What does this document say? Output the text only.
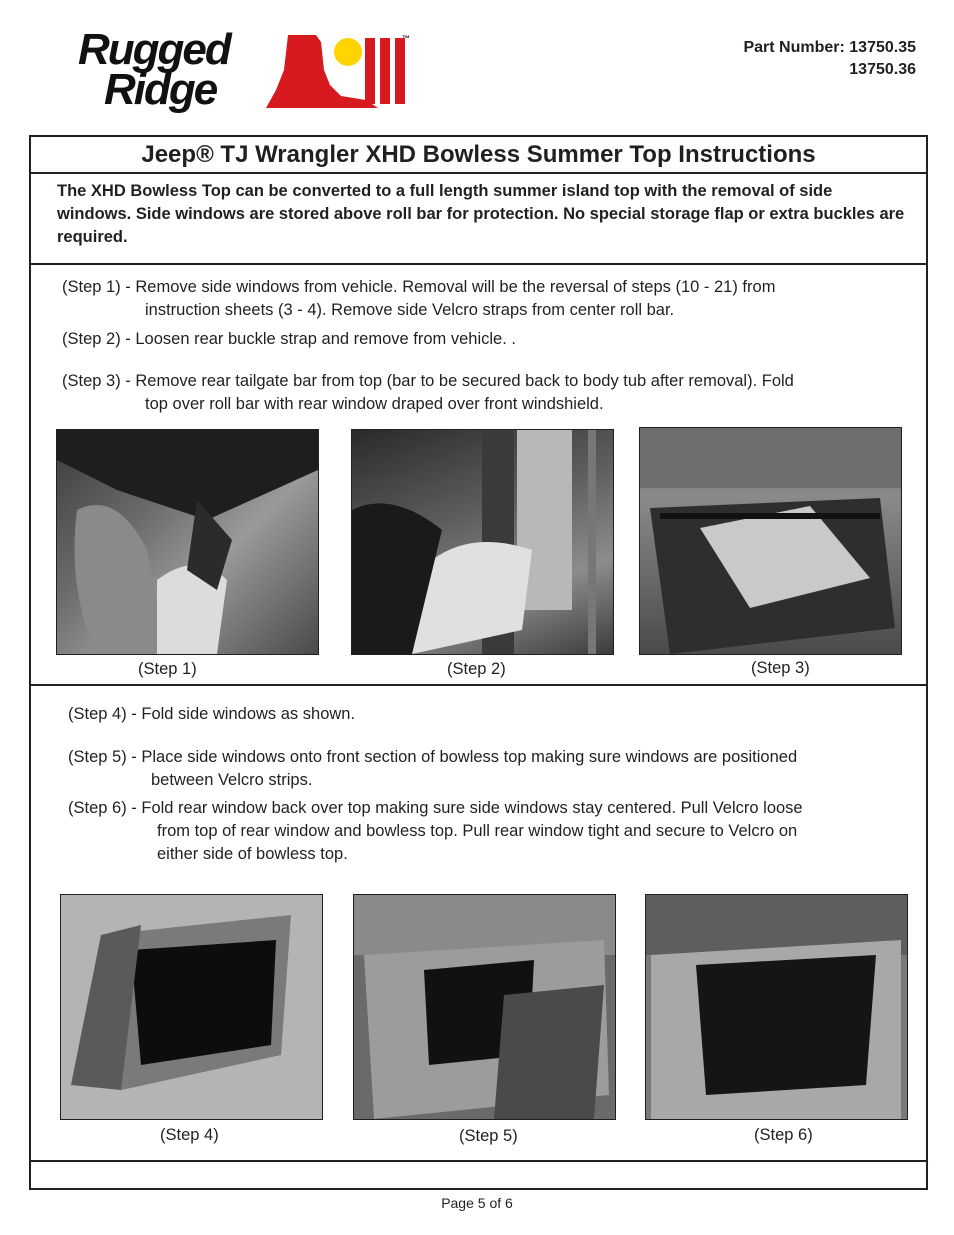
Rugged
Ridge
™
Part Number: 13750.35
13750.36
Jeep® TJ Wrangler XHD Bowless Summer Top Instructions
The XHD Bowless Top can be converted to a full length summer island top with the removal of side windows. Side windows are stored above roll bar for protection. No special storage flap or extra buckles are required.
(Step 1) - Remove side windows from vehicle. Removal will be the reversal of steps (10 - 21) from
instruction sheets (3 - 4). Remove side Velcro straps from center roll bar.
(Step 2) - Loosen rear buckle strap and remove from vehicle. .
(Step 3) - Remove rear tailgate bar from top (bar to be secured back to body tub after removal). Fold
top over roll bar with rear window draped over front windshield.
(Step 1)	(Step 2)	(Step 3)
(Step 4) - Fold side windows as shown.
(Step 5) - Place side windows onto front section of bowless top making sure windows are positioned
between Velcro strips.
(Step 6) - Fold rear window back over top making sure side windows stay centered. Pull Velcro loose
from top of rear window and bowless top. Pull rear window tight and secure to Velcro on
either side of bowless top.
(Step 4)	(Step 5)	(Step 6)
Page 5 of 6
